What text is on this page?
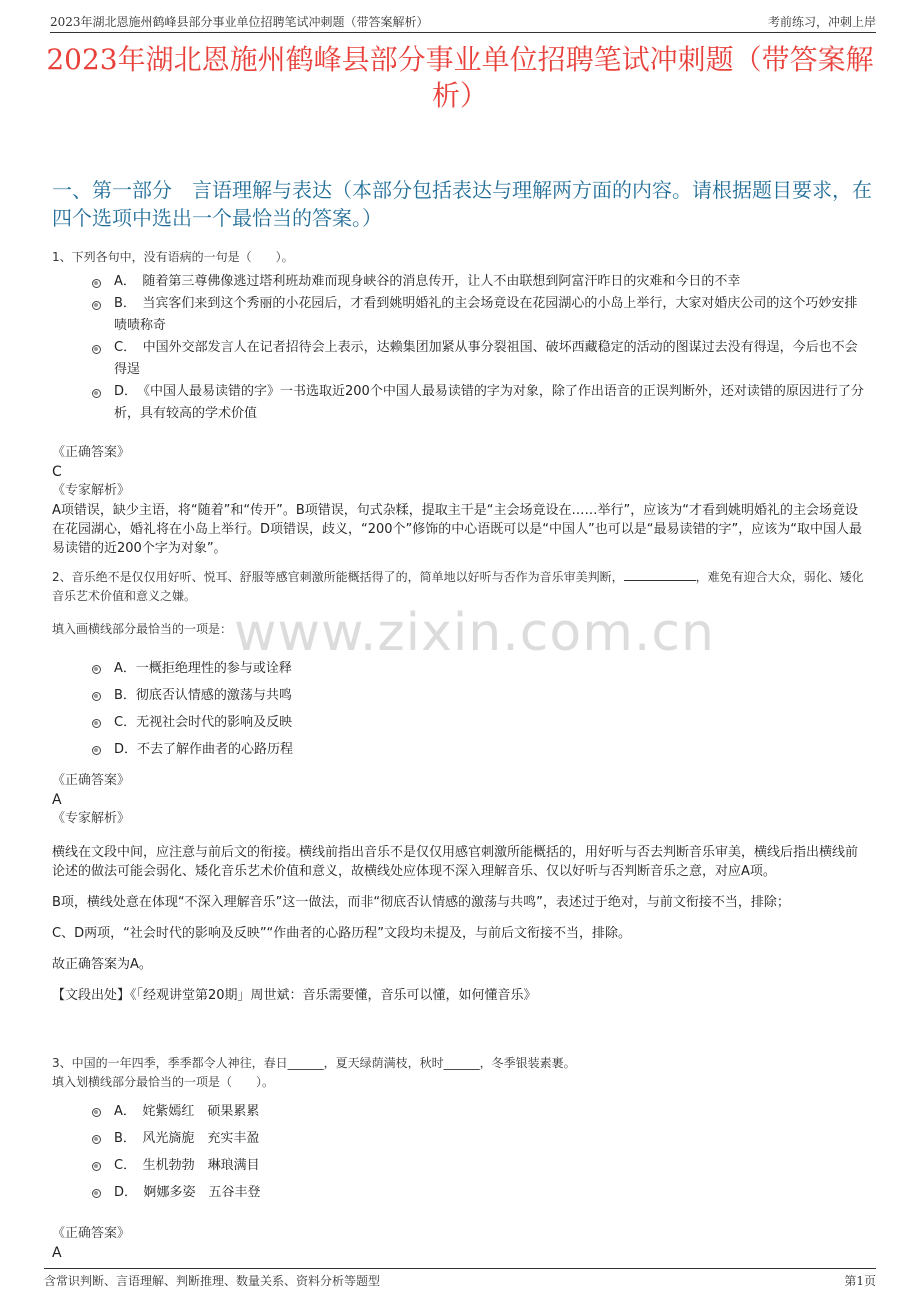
2023年湖北恩施州鹤峰县部分事业单位招聘笔试冲刺题（带答案解析）	考前练习，冲刺上岸
2023年湖北恩施州鹤峰县部分事业单位招聘笔试冲刺题（带答案解析）
一、第一部分　言语理解与表达（本部分包括表达与理解两方面的内容。请根据题目要求，在四个选项中选出一个最恰当的答案。）
1、下列各句中，没有语病的一句是（　　）。
A．　随着第三尊佛像逃过塔利班劫难而现身峡谷的消息传开，让人不由联想到阿富汗昨日的灾难和今日的不幸
B．　当宾客们来到这个秀丽的小花园后，才看到姚明婚礼的主会场竟设在花园湖心的小岛上举行，大家对婚庆公司的这个巧妙安排啧啧称奇
C．　中国外交部发言人在记者招待会上表示，达赖集团加紧从事分裂祖国、破坏西藏稳定的活动的图谋过去没有得逞，今后也不会得逞
D．　《中国人最易读错的字》一书选取近200个中国人最易读错的字为对象，除了作出语音的正误判断外，还对读错的原因进行了分析，具有较高的学术价值
《正确答案》
C
《专家解析》
A项错误，缺少主语，将“随着”和“传开”。B项错误，句式杂糅，提取主干是“主会场竟设在……举行”，应该为“才看到姚明婚礼的主会场竟设在花园湖心，婚礼将在小岛上举行。D项错误，歧义，“200个”修饰的中心语既可以是“中国人”也可以是“最易读错的字”，应该为“取中国人最易读错的近200个字为对象”。
2、音乐绝不是仅仅用好听、悦耳、舒服等感官刺激所能概括得了的，简单地以好听与否作为音乐审美判断，	，难免有迎合大众，弱化、矮化音乐艺术价值和意义之嫌。
填入画横线部分最恰当的一项是：
A．一概拒绝理性的参与或诠释
B．彻底否认情感的激荡与共鸣
C．无视社会时代的影响及反映
D．不去了解作曲者的心路历程
《正确答案》
A
《专家解析》
横线在文段中间，应注意与前后文的衔接。横线前指出音乐不是仅仅用感官刺激所能概括的，用好听与否去判断音乐审美，横线后指出横线前论述的做法可能会弱化、矮化音乐艺术价值和意义，故横线处应体现不深入理解音乐、仅以好听与否判断音乐之意，对应A项。
B项，横线处意在体现“不深入理解音乐”这一做法，而非“彻底否认情感的激荡与共鸣”，表述过于绝对，与前文衔接不当，排除；
C、D两项，“社会时代的影响及反映”“作曲者的心路历程”文段均未提及，与前后文衔接不当，排除。
故正确答案为A。
【文段出处】《「经观讲堂第20期」周世斌：音乐需要懂，音乐可以懂，如何懂音乐》
3、中国的一年四季，季季都令人神往，春日______，夏天绿荫满枝，秋时______，冬季银装素裹。
填入划横线部分最恰当的一项是（　　）。
A．　姹紫嫣红　硕果累累
B．　风光旖旎　充实丰盈
C．　生机勃勃　琳琅满目
D．　婀娜多姿　五谷丰登
《正确答案》
A
www.zixin.com.cn
含常识判断、言语理解、判断推理、数量关系、资料分析等题型	第1页
